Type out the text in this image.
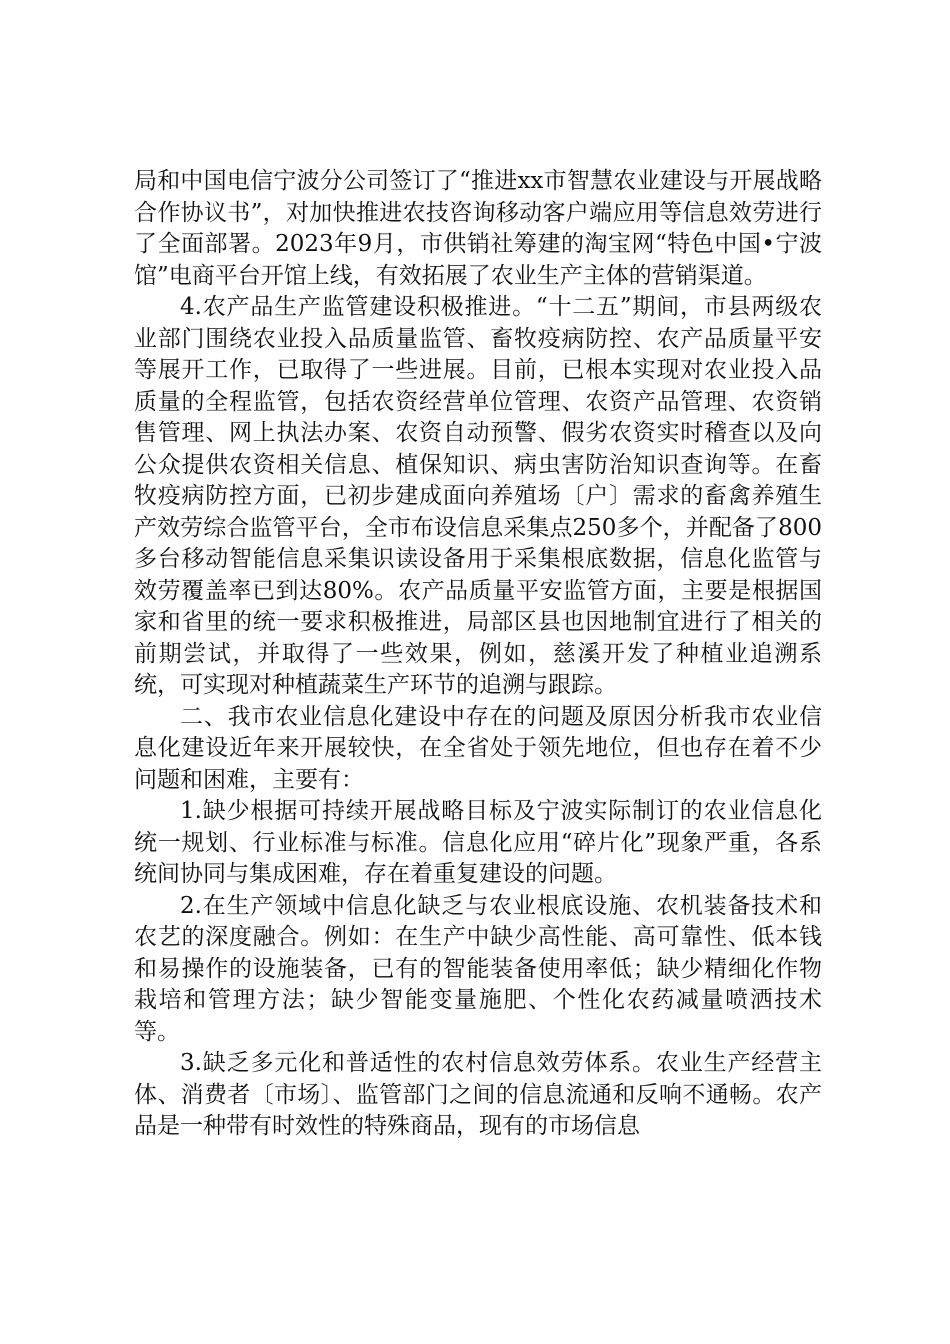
局和中国电信宁波分公司签订了“推进xx市智慧农业建设与开展战略合作协议书”，对加快推进农技咨询移动客户端应用等信息效劳进行了全面部署。2023年9月，市供销社筹建的淘宝网“特色中国•宁波馆”电商平台开馆上线，有效拓展了农业生产主体的营销渠道。

4.农产品生产监管建设积极推进。“十二五”期间，市县两级农业部门围绕农业投入品质量监管、畜牧疫病防控、农产品质量平安等展开工作，已取得了一些进展。目前，已根本实现对农业投入品质量的全程监管，包括农资经营单位管理、农资产品管理、农资销售管理、网上执法办案、农资自动预警、假劣农资实时稽查以及向公众提供农资相关信息、植保知识、病虫害防治知识查询等。在畜牧疫病防控方面，已初步建成面向养殖场〔户〕需求的畜禽养殖生产效劳综合监管平台，全市布设信息采集点250多个，并配备了800多台移动智能信息采集识读设备用于采集根底数据，信息化监管与效劳覆盖率已到达80%。农产品质量平安监管方面，主要是根据国家和省里的统一要求积极推进，局部区县也因地制宜进行了相关的前期尝试，并取得了一些效果，例如，慈溪开发了种植业追溯系统，可实现对种植蔬菜生产环节的追溯与跟踪。

二、我市农业信息化建设中存在的问题及原因分析我市农业信息化建设近年来开展较快，在全省处于领先地位，但也存在着不少问题和困难，主要有：

1.缺少根据可持续开展战略目标及宁波实际制订的农业信息化统一规划、行业标准与标准。信息化应用“碎片化”现象严重，各系统间协同与集成困难，存在着重复建设的问题。

2.在生产领域中信息化缺乏与农业根底设施、农机装备技术和农艺的深度融合。例如：在生产中缺少高性能、高可靠性、低本钱和易操作的设施装备，已有的智能装备使用率低；缺少精细化作物栽培和管理方法；缺少智能变量施肥、个性化农药减量喷洒技术等。

3.缺乏多元化和普适性的农村信息效劳体系。农业生产经营主体、消费者〔市场〕、监管部门之间的信息流通和反响不通畅。农产品是一种带有时效性的特殊商品，现有的市场信息
